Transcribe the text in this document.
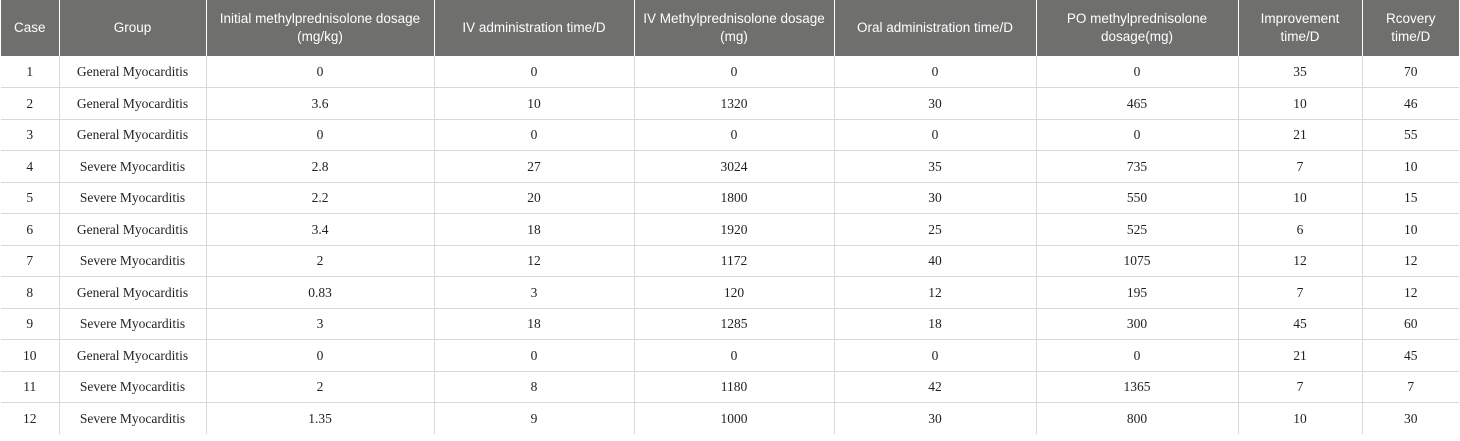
Case	Group	Initial methylprednisolone dosage (mg/kg)	IV administration time/D	IV Methylprednisolone dosage (mg)	Oral administration time/D	PO methylprednisolone dosage(mg)	Improvement time/D	Rcovery time/D
1	General Myocarditis	0	0	0	0	0	35	70
2	General Myocarditis	3.6	10	1320	30	465	10	46
3	General Myocarditis	0	0	0	0	0	21	55
4	Severe Myocarditis	2.8	27	3024	35	735	7	10
5	Severe Myocarditis	2.2	20	1800	30	550	10	15
6	General Myocarditis	3.4	18	1920	25	525	6	10
7	Severe Myocarditis	2	12	1172	40	1075	12	12
8	General Myocarditis	0.83	3	120	12	195	7	12
9	Severe Myocarditis	3	18	1285	18	300	45	60
10	General Myocarditis	0	0	0	0	0	21	45
11	Severe Myocarditis	2	8	1180	42	1365	7	7
12	Severe Myocarditis	1.35	9	1000	30	800	10	30
